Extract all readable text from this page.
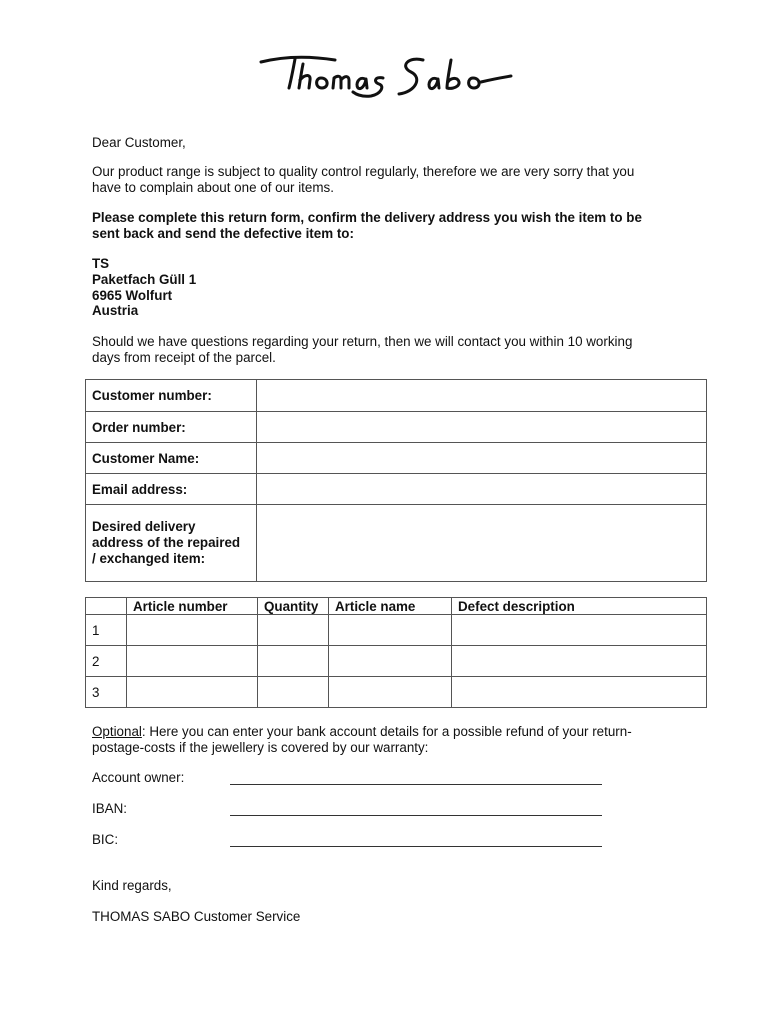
Dear Customer,
Our product range is subject to quality control regularly, therefore we are very sorry that you
have to complain about one of our items.
Please complete this return form, confirm the delivery address you wish the item to be
sent back and send the defective item to:
TS
Paketfach Güll 1
6965 Wolfurt
Austria
Should we have questions regarding your return, then we will contact you within 10 working
days from receipt of the parcel.
Customer number:	
Order number:	
Customer Name:	
Email address:	

Desired delivery
address of the repaired
/ exchanged item:	

	Article number	Quantity	Article name	Defect description
1				
2				
3				
Optional: Here you can enter your bank account details for a possible refund of your return-
postage-costs if the jewellery is covered by our warranty:
Account owner:
IBAN:
BIC:
Kind regards,
THOMAS SABO Customer Service
